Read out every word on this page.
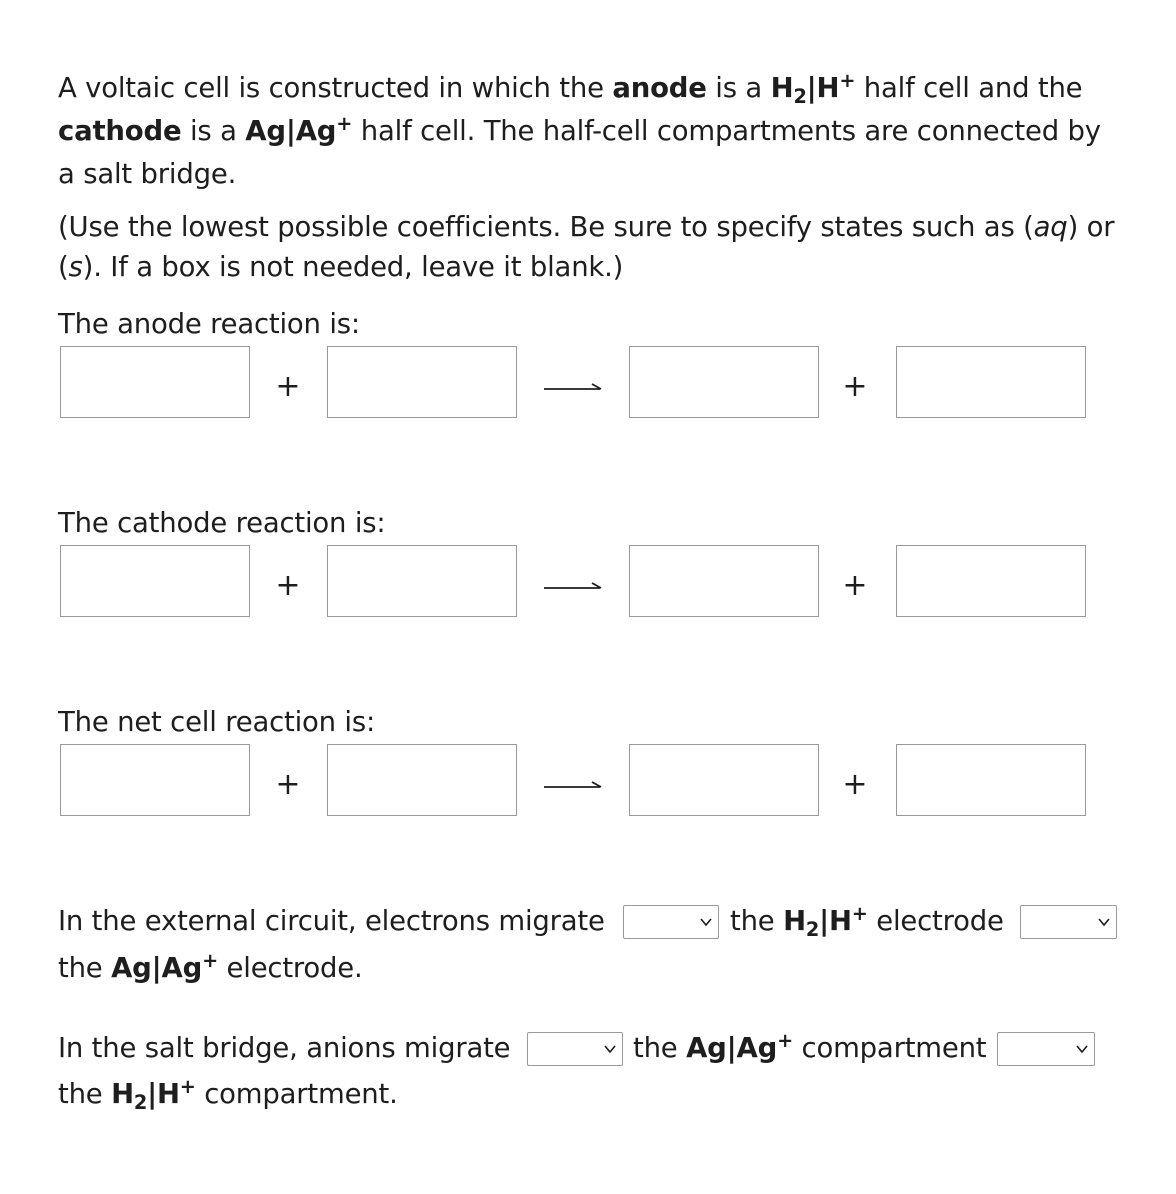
A voltaic cell is constructed in which the anode is a $H_2|H^+$ half cell and the
cathode is a Ag|Ag+ half cell. The half-cell compartments are connected by
a salt bridge.

(Use the lowest possible coefficients. Be sure to specify states such as (aq) or
(s). If a box is not needed, leave it blank.)

The anode reaction is:

+	+

The cathode reaction is:

+	+

The net cell reaction is:

+	+

In the external circuit, electrons migrate	the $H_2|H^+$ electrode

the Ag|Ag+ electrode.

In the salt bridge, anions migrate	the Ag|Ag+ compartment

the $H_2|H^+$ compartment.
